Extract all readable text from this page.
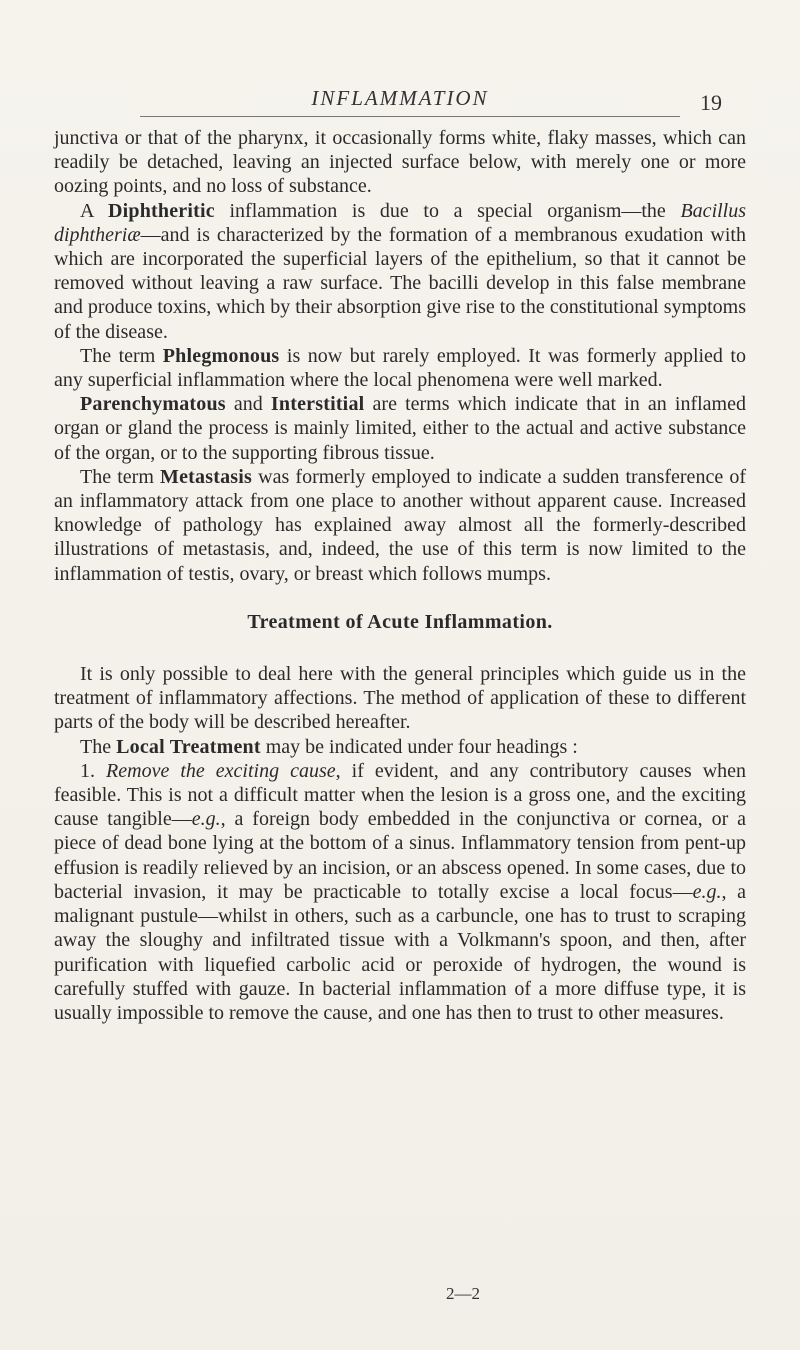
INFLAMMATION	19

junctiva or that of the pharynx, it occasionally forms white, flaky masses, which can readily be detached, leaving an injected surface below, with merely one or more oozing points, and no loss of substance.

A Diphtheritic inflammation is due to a special organism—the Bacillus diphtheriæ—and is characterized by the formation of a membranous exudation with which are incorporated the superficial layers of the epithelium, so that it cannot be removed without leaving a raw surface. The bacilli develop in this false membrane and produce toxins, which by their absorption give rise to the constitutional symptoms of the disease.

The term Phlegmonous is now but rarely employed. It was formerly applied to any superficial inflammation where the local phenomena were well marked.

Parenchymatous and Interstitial are terms which indicate that in an inflamed organ or gland the process is mainly limited, either to the actual and active substance of the organ, or to the supporting fibrous tissue.

The term Metastasis was formerly employed to indicate a sudden transference of an inflammatory attack from one place to another without apparent cause. Increased knowledge of pathology has explained away almost all the formerly-described illustrations of metastasis, and, indeed, the use of this term is now limited to the inflammation of testis, ovary, or breast which follows mumps.

Treatment of Acute Inflammation.

It is only possible to deal here with the general principles which guide us in the treatment of inflammatory affections. The method of application of these to different parts of the body will be described hereafter.

The Local Treatment may be indicated under four headings :

1. Remove the exciting cause, if evident, and any contributory causes when feasible. This is not a difficult matter when the lesion is a gross one, and the exciting cause tangible—e.g., a foreign body embedded in the conjunctiva or cornea, or a piece of dead bone lying at the bottom of a sinus. Inflammatory tension from pent-up effusion is readily relieved by an incision, or an abscess opened. In some cases, due to bacterial invasion, it may be practicable to totally excise a local focus—e.g., a malignant pustule—whilst in others, such as a carbuncle, one has to trust to scraping away the sloughy and infiltrated tissue with a Volkmann's spoon, and then, after purification with liquefied carbolic acid or peroxide of hydrogen, the wound is carefully stuffed with gauze. In bacterial inflammation of a more diffuse type, it is usually impossible to remove the cause, and one has then to trust to other measures.

2—2
